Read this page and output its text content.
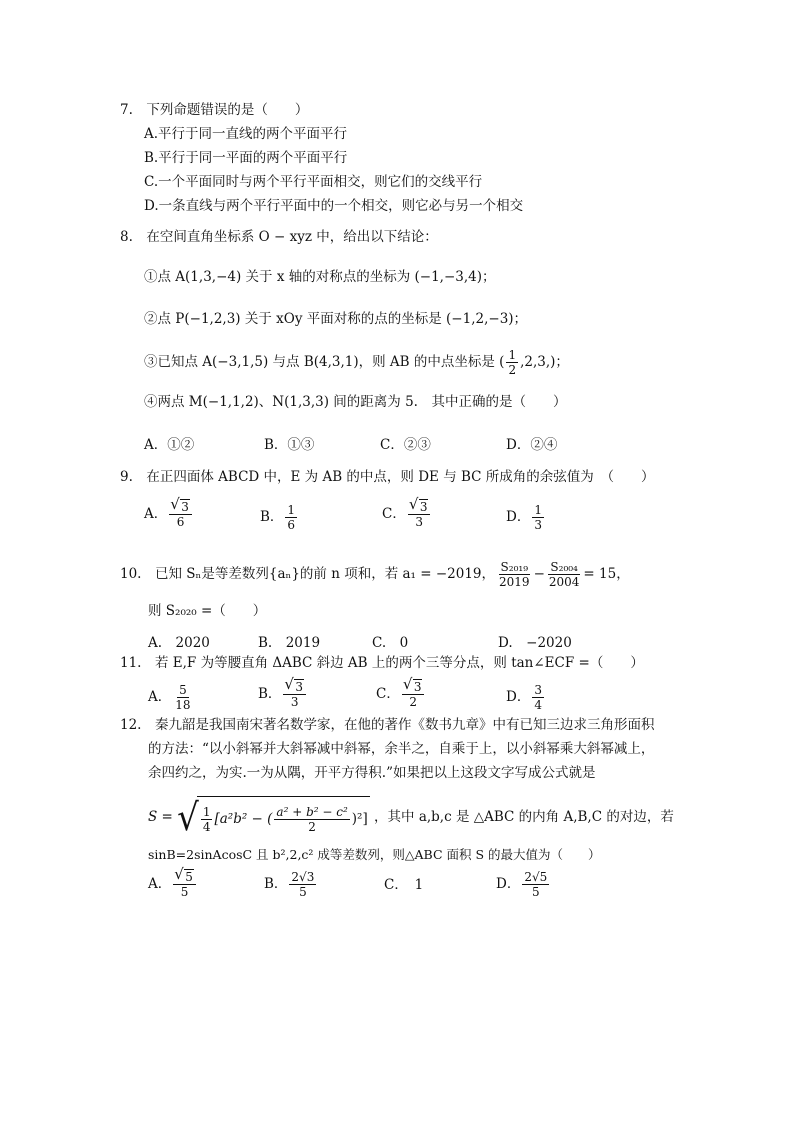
7.　下列命题错误的是（　　）
A.平行于同一直线的两个平面平行
B.平行于同一平面的两个平面平行
C.一个平面同时与两个平行平面相交，则它们的交线平行
D.一条直线与两个平行平面中的一个相交，则它必与另一个相交
8.　在空间直角坐标系 O − xyz 中，给出以下结论：
①点 A(1,3,−4) 关于 x 轴的对称点的坐标为 (−1,−3,4)；
②点 P(−1,2,3) 关于 xOy 平面对称的点的坐标是 (−1,2,−3)；
③已知点 A(−3,1,5) 与点 B(4,3,1)，则 AB 的中点坐标是 ( $\frac{1}{2} ,2,3$,)；
④两点 M(−1,1,2)、N(1,3,3) 间的距离为 5.　其中正确的是（　　）
A．①②	B．①③	C．②③	D．②④
9.　在正四面体 ABCD 中，E 为 AB 的中点，则 DE 与 BC 所成角的余弦值为　（　　）
A． √ $\frac{3}{6}$	B． $\frac{1}{6}$	C． √ $\frac{3}{3}$	D． $\frac{1}{3}$
10.　已知 Sₙ是等差数列{aₙ}的前 n 项和，若 a₁ = −2019， $\frac{\text{S₂₀₁₉}}{2019} - \frac{\text{S₂₀₀₄}}{2004} = 15$，
则 S₂₀₂₀ =（　　）
A.　2020	B.　2019	C.　0	D.　−2020
11.　若 E,F 为等腰直角 ΔABC 斜边 AB 上的两个三等分点，则 tan∠ECF =（　　）
A． $\frac{5}{18}$	B． √ $\frac{3}{3}$	C． √ $\frac{3}{2}$	D． $\frac{3}{4}$
12.　秦九韶是我国南宋著名数学家，在他的著作《数书九章》中有已知三边求三角形面积
的方法：“以小斜幂并大斜幂减中斜幂，余半之，自乘于上，以小斜幂乘大斜幂减上，
余四约之，为实.一为从隅，开平方得积.”如果把以上这段文字写成公式就是
S = √ $\frac{1}{4} [a^2b^2$ − ( $\frac{\text{a² + b² − c²}}{2} )^2$] ，其中 a,b,c 是 △ABC 的内角 A,B,C 的对边，若
sinB=2sinAcosC 且 b²,2,c² 成等差数列，则△ABC 面积 S 的最大值为（　　）
A． √ $\frac{5}{5}$	B． $\frac{2√3}{5}$	C．　1	D． $\frac{2√5}{5}$
